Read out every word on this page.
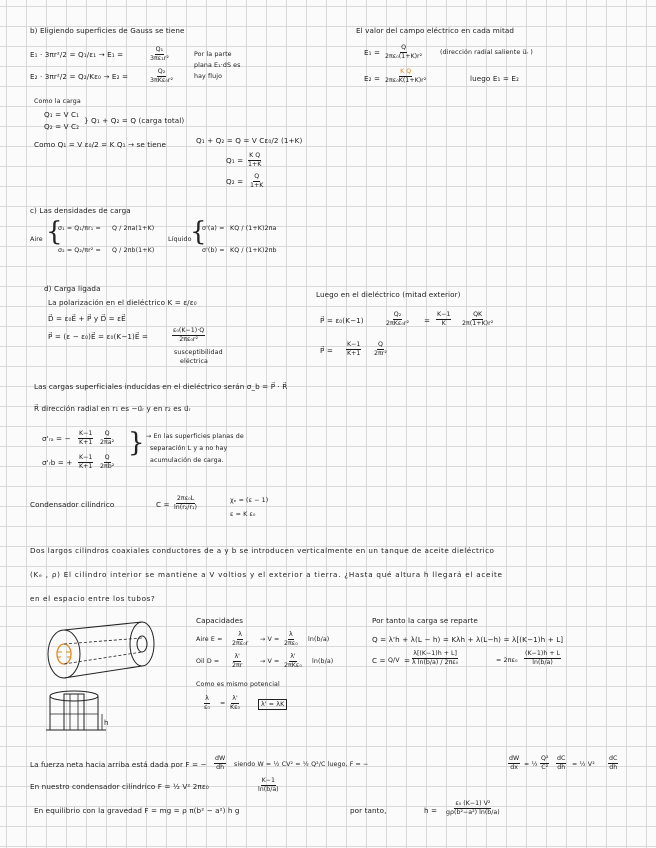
b) Eligiendo superficies de Gauss se tiene
E₁ · 3πr²/2 = Q₁/ε₁ → E₁ =	$\frac{\text{Q₁}}{\text{3πε₁r²}}$
E₂ · 3πr²/2 = Q₂/Kε₀ → E₂ =
Q₂
3πKε₀r²
Por la parte
plana E₁·dS es
hay flujo
El valor del campo eléctrico en cada mitad
$E_1 = \frac{Q}{\text{2πε₀(1+K)r²}}$	(dirección radial saliente u⃗ᵣ )
$E_2 = \frac{\text{K Q}}{\text{2πε₀K(1+K)r²}}$	luego E₁ = E₂
Como la carga
Q₁ = V C₁
Q₂ = V C₂
} Q₁ + Q₂ = Q (carga total)
Como Q₁ = V ε₀/2 = K Q₁ → se tiene	Q₁ + Q₂ = Q = V Cε₀/2 (1+K)
$Q_1 = \frac{\text{K Q}}{1+K}$
$Q_2 = \frac{Q}{1+K}$
c) Las densidades de carga
Aire {
σ₁ = Q₁/πr₁ = Q / 2πa(1+K)
σ₂ = Q₂/πr² = Q / 2πb(1+K)
Líquido
{
σ'(a) = KQ / (1+K)2πa
σ'(b) = KQ / (1+K)2πb
d) Carga ligada
La polarización en el dieléctrico K = ε/ε₀
D⃗ = ε₀E⃗ + P⃗ y D⃗ = εE⃗
P⃗ = (ε − ε₀)E⃗ = ε₀(K−1)E⃗ =	$\frac{\text{ε₀(K−1)·Q}}{\text{2πε₀r²}}$
susceptibilidad
eléctrica
Luego en el dieléctrico (mitad exterior)
P⃗ = ε₀(K−1)
Q₂
$2\pi K\varepsilon_0r^2 = \frac{K-1}{K} \frac{QK}{\text{2π(1+K)r²}}$
P⃗ = $\frac{K-1}{K+1} \frac{Q}{\text{2πr²}}$
Las cargas superficiales inducidas en el dieléctrico serán σ_b = P⃗ · R⃗
R⃗ dirección radial en r₁ es −u⃗ᵣ y en r₂ es u⃗ᵣ
σ'ᵣₐ = − $\frac{K-1}{K+1} \frac{Q}{\text{2πa²}}$
σ'ᵣb = + $\frac{K-1}{K+1} \frac{Q}{\text{2πb²}}$
{ → En las superficies planas de
separación L y a no hay
acumulación de carga.
Condensador cilíndrico	$C = \frac{\text{2πε₀L}}{\text{ln(r₂/r₁)}}$	χₑ = (ε − 1)
ε = K ε₀
Dos largos cilindros coaxiales conductores de a y b se introducen verticalmente en un tanque de aceite dieléctrico
(Kₑ , ρ) El cilindro interior se mantiene a V voltios y el exterior a tierra. ¿Hasta qué altura h llegará el aceite
en el espacio entre los tubos?
h
Capacidades
Aire $E = \frac{\lambda}{\text{2πε₀r}} \to V = \frac{\lambda}{\text{2πε₀}} \ln(b/a)$
Oil $D = \frac{\lambda'}{2\pi r}$	→ V =
λ'
2πKε₀ ln(b/a)
Como es mismo potencial
$\frac{\lambda}{\text{ε₀}} = \frac{\lambda'}{\text{Kε₀}}$	λ' = λK
Por tanto la carga se reparte
Q = λ'h + λ(L − h) = Kλh + λ(L−h) = λ[(K−1)h + L]
$C = Q/V = \frac{\lambda[(K-1)h + L]}{\text{λ ln(b/a) / 2πε₀}}$	= $2\pi\varepsilon_0 \frac{(K-1)h + L}{\ln(b/a)}$
La fuerza neta hacia arriba está dada por F = − $\frac{dW}{dh}$ siendo W = ½ CV² = ½ Q²/C luego, F = −	$\frac{dW}{dx}$ = ½ $\frac{\text{Q²}}{\text{C²}} \frac{dC}{dh}$ = ½ $V^2 \frac{dC}{dh}$
En nuestro condensador cilíndrico F = ½ V² 2πε₀	$\frac{K-1}{\ln(b/a)}$
En equilibrio con la gravedad F = mg = ρ π(b² − a²) h g	por tanto,	$h = \frac{\text{ε₀ (K−1) V²}}{\text{gρ(b²−a²) ln(b/a)}}$
